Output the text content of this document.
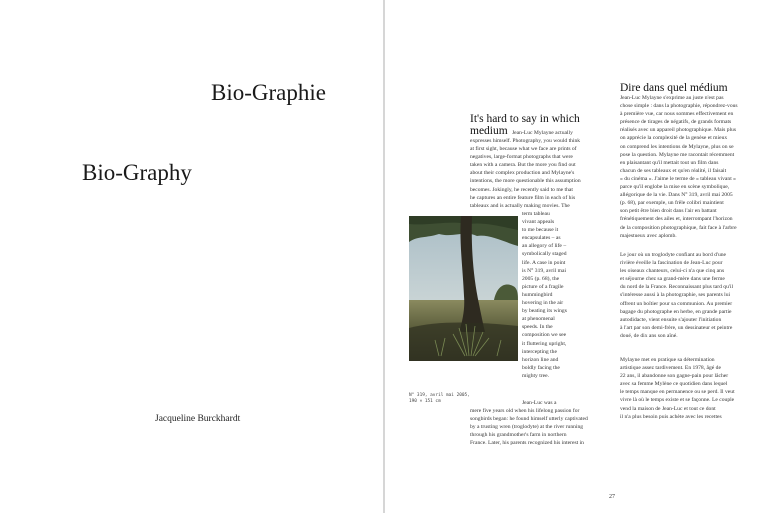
Bio-Graphie
Bio-Graphy
Jacqueline Burckhardt
It's hard to say in which
medium Jean-Luc Mylayne actually

expresses himself. Photography, you would think
at first sight, because what we face are prints of
negatives, large-format photographs that were
taken with a camera. But the more you find out
about their complex production and Mylayne's
intentions, the more questionable this assumption
becomes. Jokingly, he recently said to me that
he captures an entire feature film in each of his
tableaux and is actually making movies. The

N° 319, avril mai 2005,
190 × 151 cm

term tableau
vivant appeals
to me because it
encapsulates – as
an allegory of life –
symbolically staged
life. A case in point
is N° 319, avril mai
2005 (p. 68), the
picture of a fragile
hummingbird
hovering in the air
by beating its wings
at phenomenal
speeds. In the
composition we see
it fluttering upright,
intercepting the
horizon line and
boldly facing the
mighty tree.

Jean-Luc was a

mere five years old when his lifelong passion for
songbirds began: he found himself utterly captivated
by a trusting wren (troglodyte) at the river running
through his grandmother's farm in northern
France. Later, his parents recognized his interest in

Dire dans quel médium

Jean-Luc Mylayne s'exprime au juste n'est pas
chose simple : dans la photographie, répondrez-vous
à première vue, car nous sommes effectivement en
présence de tirages de négatifs, de grands formats
réalisés avec un appareil photographique. Mais plus
on apprécie la complexité de la genèse et mieux
on comprend les intentions de Mylayne, plus on se
pose la question. Mylayne me racontait récemment
en plaisantant qu'il mettait tout un film dans
chacun de ses tableaux et qu'en réalité, il faisait
« du cinéma ». J'aime le terme de « tableau vivant »
parce qu'il englobe la mise en scène symbolique,
allégorique de la vie. Dans N° 319, avril mai 2005
(p. 68), par exemple, un frêle colibri maintient
son petit être bien droit dans l'air en battant
frénétiquement des ailes et, interrompant l'horizon
de la composition photographique, fait face à l'arbre
majestueux avec aplomb.

Le jour où un troglodyte confiant au bord d'une
rivière éveille la fascination de Jean-Luc pour
les oiseaux chanteurs, celui-ci n'a que cinq ans
et séjourne chez sa grand-mère dans une ferme
du nord de la France. Reconnaissant plus tard qu'il
s'intéresse aussi à la photographie, ses parents lui
offrent un boîtier pour sa communion. Au premier
bagage du photographe en herbe, en grande partie
autodidacte, vient ensuite s'ajouter l'initiation
à l'art par son demi-frère, un dessinateur et peintre
doué, de dix ans son aîné.

Mylayne met en pratique sa détermination
artistique assez tardivement. En 1978, âgé de
22 ans, il abandonne son gagne-pain pour lâcher
avec sa femme Mylène ce quotidien dans lequel
le temps manque en permanence ou se perd. Il veut
vivre là où le temps existe et se façonne. Le couple
vend la maison de Jean-Luc et tout ce dont
il n'a plus besoin puis achète avec les recettes

27
